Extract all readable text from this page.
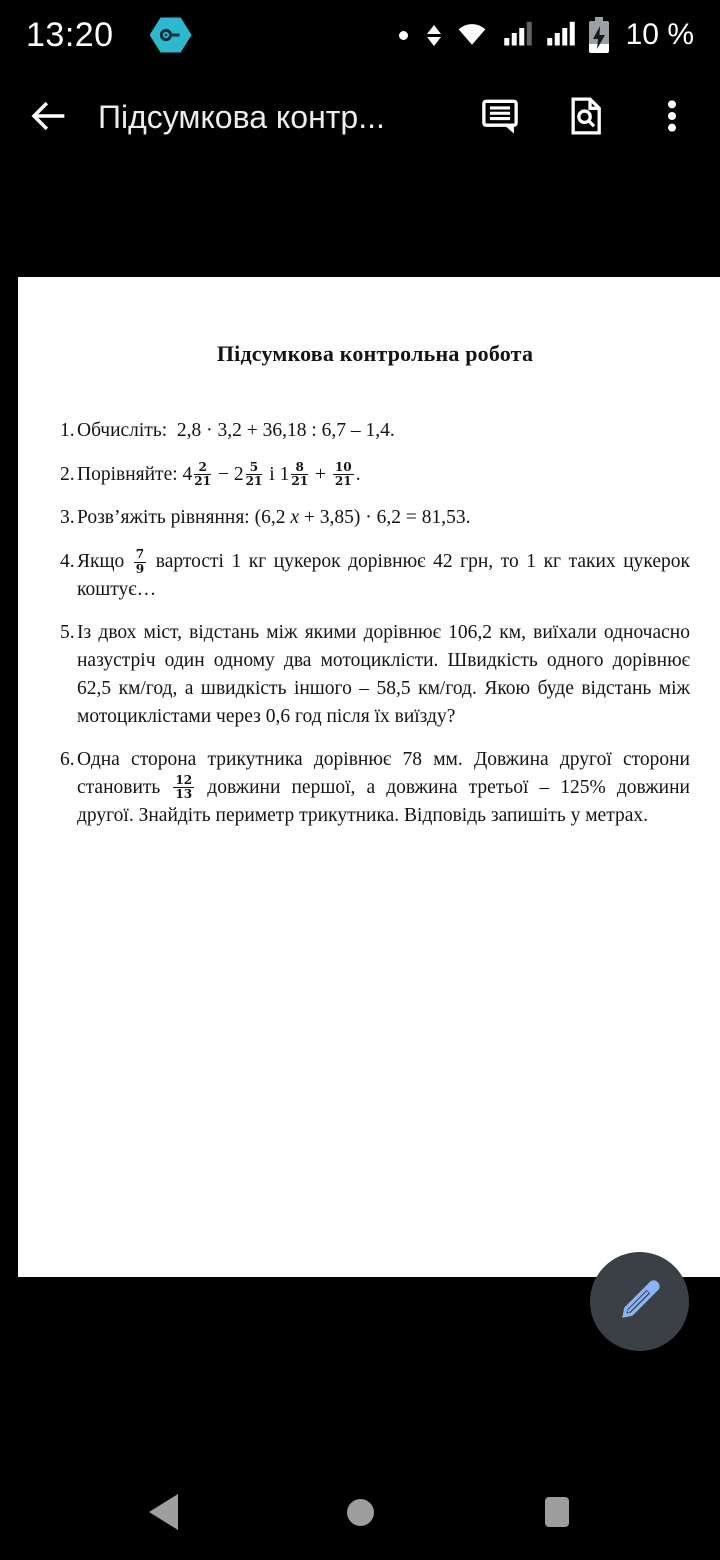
13:20	10 %
Підсумкова контр...
Підсумкова контрольна робота
1. Обчисліть:  2,8 · 3,2 + 36,18 : 6,7 – 1,4.
2. Порівняйте: $4 \frac{2}{21} - 2 \frac{5}{21}$ і $1 \frac{8}{21} + \frac{10}{21}$ .
3. Розв’яжіть рівняння: (6,2 x + 3,85) · 6,2 = 81,53.
4. Якщо $\frac{7}{9}$ вартості 1 кг цукерок дорівнює 42 грн, то 1 кг таких цукерок коштує…
5. Із двох міст, відстань між якими дорівнює 106,2 км, виїхали одночасно назустріч один одному два мотоциклісти. Швидкість одного дорівнює 62,5 км/год, а швидкість іншого – 58,5 км/год. Якою буде відстань між мотоциклістами через 0,6 год після їх виїзду?
6. Одна сторона трикутника дорівнює 78 мм. Довжина другої сторони становить $\frac{12}{13}$ довжини першої, а довжина третьої – 125% довжини другої. Знайдіть периметр трикутника. Відповідь запишіть у метрах.
